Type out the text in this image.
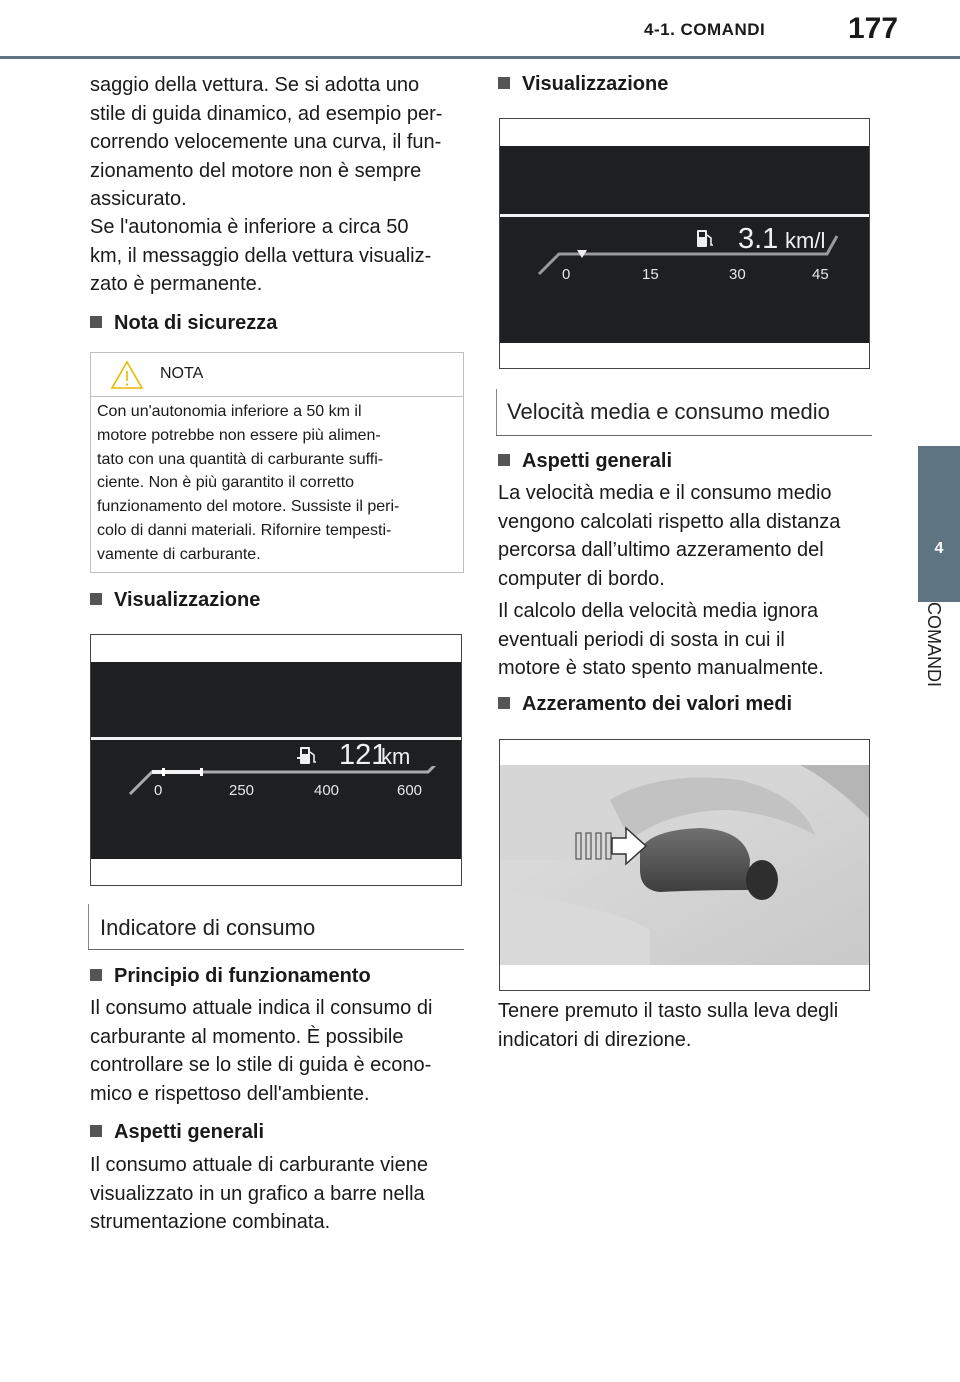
4-1. COMANDI	177
4
COMANDI
saggio della vettura. Se si adotta uno
stile di guida dinamico, ad esempio per-
correndo velocemente una curva, il fun-
zionamento del motore non è sempre
assicurato.
Se l'autonomia è inferiore a circa 50
km, il messaggio della vettura visualiz-
zato è permanente.
Nota di sicurezza
NOTA
Con un'autonomia inferiore a 50 km il
motore potrebbe non essere più alimen-
tato con una quantità di carburante suffi-
ciente. Non è più garantito il corretto
funzionamento del motore. Sussiste il peri-
colo di danni materiali. Rifornire tempesti-
vamente di carburante.
Visualizzazione
121
km
0	250	400	600
Indicatore di consumo
Principio di funzionamento
Il consumo attuale indica il consumo di
carburante al momento. È possibile
controllare se lo stile di guida è econo-
mico e rispettoso dell'ambiente.
Aspetti generali
Il consumo attuale di carburante viene
visualizzato in un grafico a barre nella
strumentazione combinata.
Visualizzazione
3.1 km/l
0	15	30	45
Velocità media e consumo medio
Aspetti generali
La velocità media e il consumo medio
vengono calcolati rispetto alla distanza
percorsa dall’ultimo azzeramento del
computer di bordo.
Il calcolo della velocità media ignora
eventuali periodi di sosta in cui il
motore è stato spento manualmente.
Azzeramento dei valori medi
Tenere premuto il tasto sulla leva degli
indicatori di direzione.
